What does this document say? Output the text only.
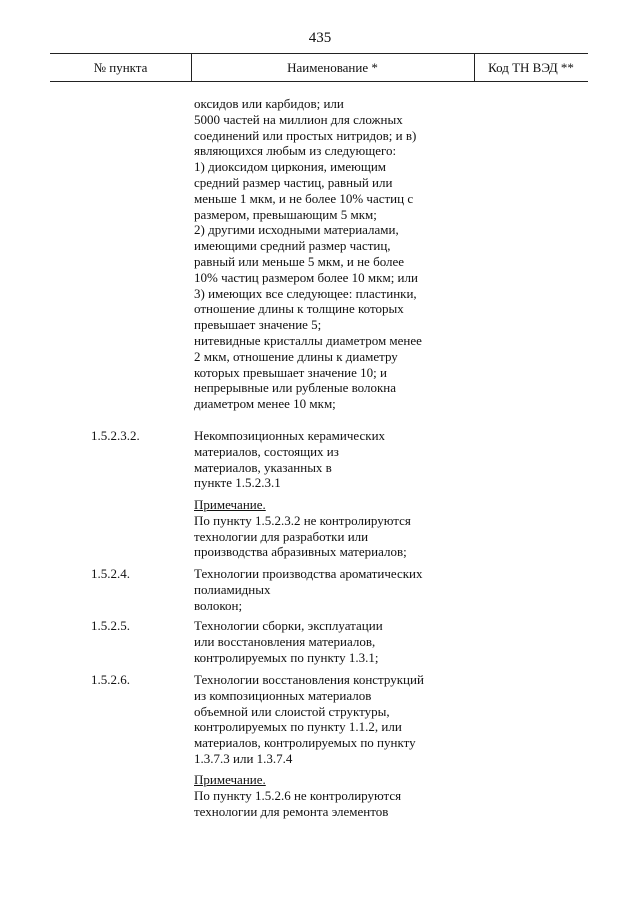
435
№ пункта	Наименование *	Код ТН ВЭД **
оксидов или карбидов; или
5000 частей на миллион для сложных
соединений или простых нитридов; и в)
являющихся любым из следующего:
1) диоксидом циркония, имеющим
средний размер частиц, равный или
меньше 1 мкм, и не более 10% частиц с
размером, превышающим 5 мкм;
2) другими исходными материалами,
имеющими средний размер частиц,
равный или меньше 5 мкм, и не более
10% частиц размером более 10 мкм; или
3) имеющих все следующее: пластинки,
отношение длины к толщине которых
превышает значение 5;
нитевидные кристаллы диаметром менее
2 мкм, отношение длины к диаметру
которых превышает значение 10; и
непрерывные или рубленые волокна
диаметром менее 10 мкм;
1.5.2.3.2.	Некомпозиционных керамических
материалов, состоящих из
материалов, указанных в
пункте 1.5.2.3.1
Примечание.
По пункту 1.5.2.3.2 не контролируются
технологии для разработки или
производства абразивных материалов;
1.5.2.4.	Технологии производства ароматических
полиамидных
волокон;
1.5.2.5.	Технологии сборки, эксплуатации
или восстановления материалов,
контролируемых по пункту 1.3.1;
1.5.2.6.	Технологии восстановления конструкций
из композиционных материалов
объемной или слоистой структуры,
контролируемых по пункту 1.1.2, или
материалов, контролируемых по пункту
1.3.7.3 или 1.3.7.4
Примечание.
По пункту 1.5.2.6 не контролируются
технологии для ремонта элементов
